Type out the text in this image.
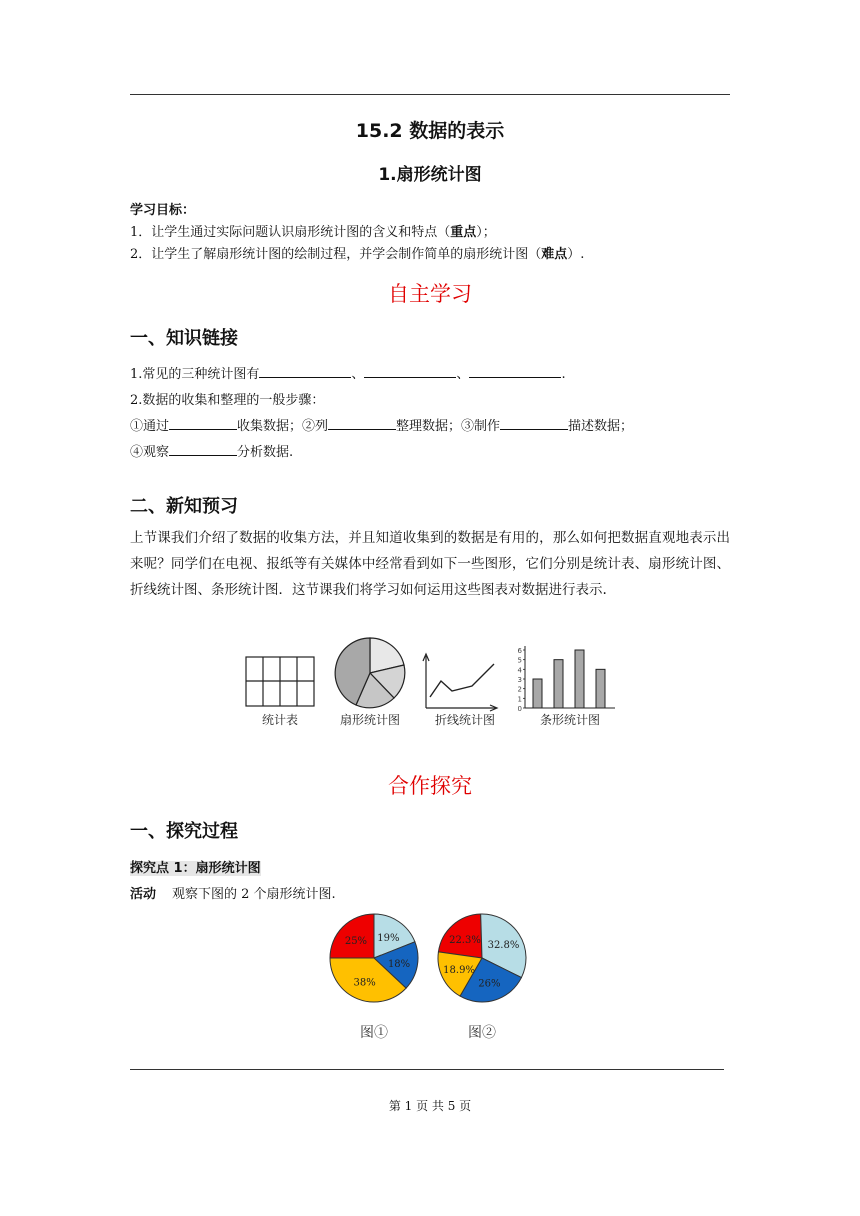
15.2 数据的表示
1.扇形统计图
学习目标：
1．让学生通过实际问题认识扇形统计图的含义和特点（重点）；
2．让学生了解扇形统计图的绘制过程，并学会制作简单的扇形统计图（难点）.
自主学习
一、知识链接
1.常见的三种统计图有	、	、	.
2.数据的收集和整理的一般步骤：
①通过	收集数据；②列	整理数据；③制作	描述数据；
④观察	分析数据.
二、新知预习
上节课我们介绍了数据的收集方法，并且知道收集到的数据是有用的，那么如何把数据直观地表示出来呢？同学们在电视、报纸等有关媒体中经常看到如下一些图形，它们分别是统计表、扇形统计图、折线统计图、条形统计图．这节课我们将学习如何运用这些图表对数据进行表示.
0
1
2
3
4
5
6
统计表	扇形统计图	折线统计图	条形统计图
合作探究
一、探究过程
探究点 1：扇形统计图
活动 观察下图的 2 个扇形统计图.
25% 19%
18%
38%
22.3% 32.8%
26%
18.9%
图①	图②
第 1 页 共 5 页
